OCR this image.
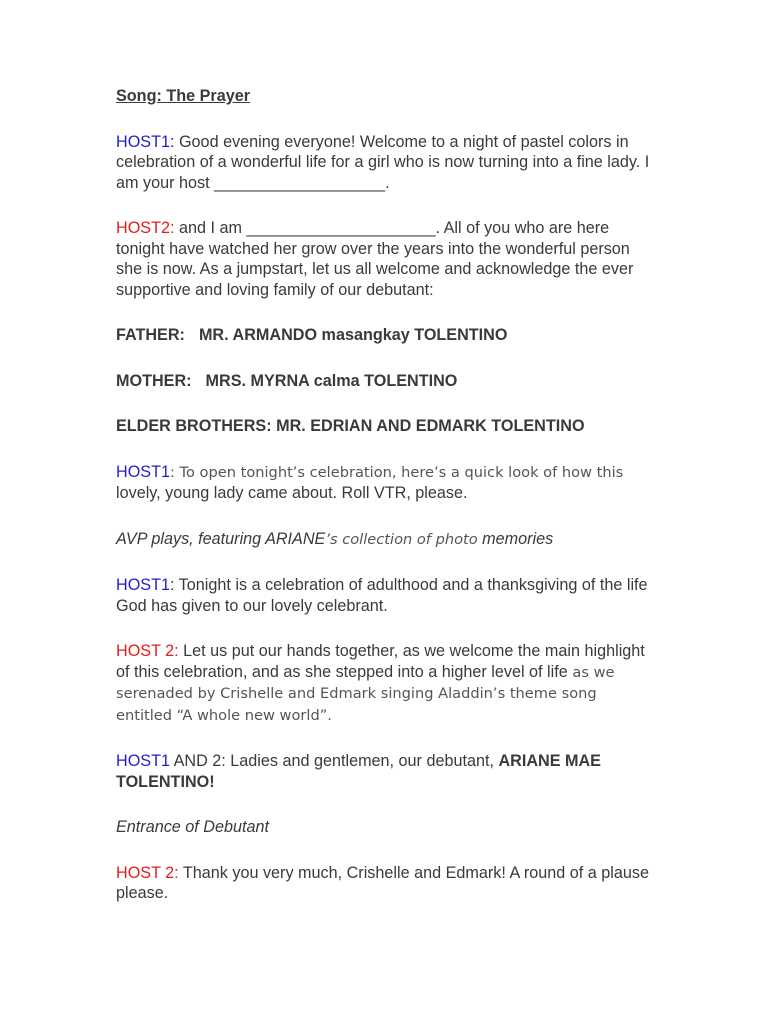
Song: The Prayer

HOST1: Good evening everyone! Welcome to a night of pastel colors in celebration of a wonderful life for a girl who is now turning into a fine lady. I am your host ___________________.

HOST2: and I am _____________________. All of you who are here tonight have watched her grow over the years into the wonderful person she is now. As a jumpstart, let us all welcome and acknowledge the ever supportive and loving family of our debutant:

FATHER: MR. ARMANDO masangkay TOLENTINO

MOTHER: MRS. MYRNA calma TOLENTINO

ELDER BROTHERS: MR. EDRIAN AND EDMARK TOLENTINO

HOST1: To open tonight’s celebration, here’s a quick look of how this
lovely, young lady came about. Roll VTR, please.

AVP plays, featuring ARIANE’s collection of photo memories

HOST1: Tonight is a celebration of adulthood and a thanksgiving of the life God has given to our lovely celebrant.

HOST 2: Let us put our hands together, as we welcome the main highlight of this celebration, and as she stepped into a higher level of life as we serenaded by Crishelle and Edmark singing Aladdin’s theme song entitled “A whole new world”.

HOST1 AND 2: Ladies and gentlemen, our debutant, ARIANE MAE TOLENTINO!

Entrance of Debutant

HOST 2: Thank you very much, Crishelle and Edmark! A round of a plause please.
